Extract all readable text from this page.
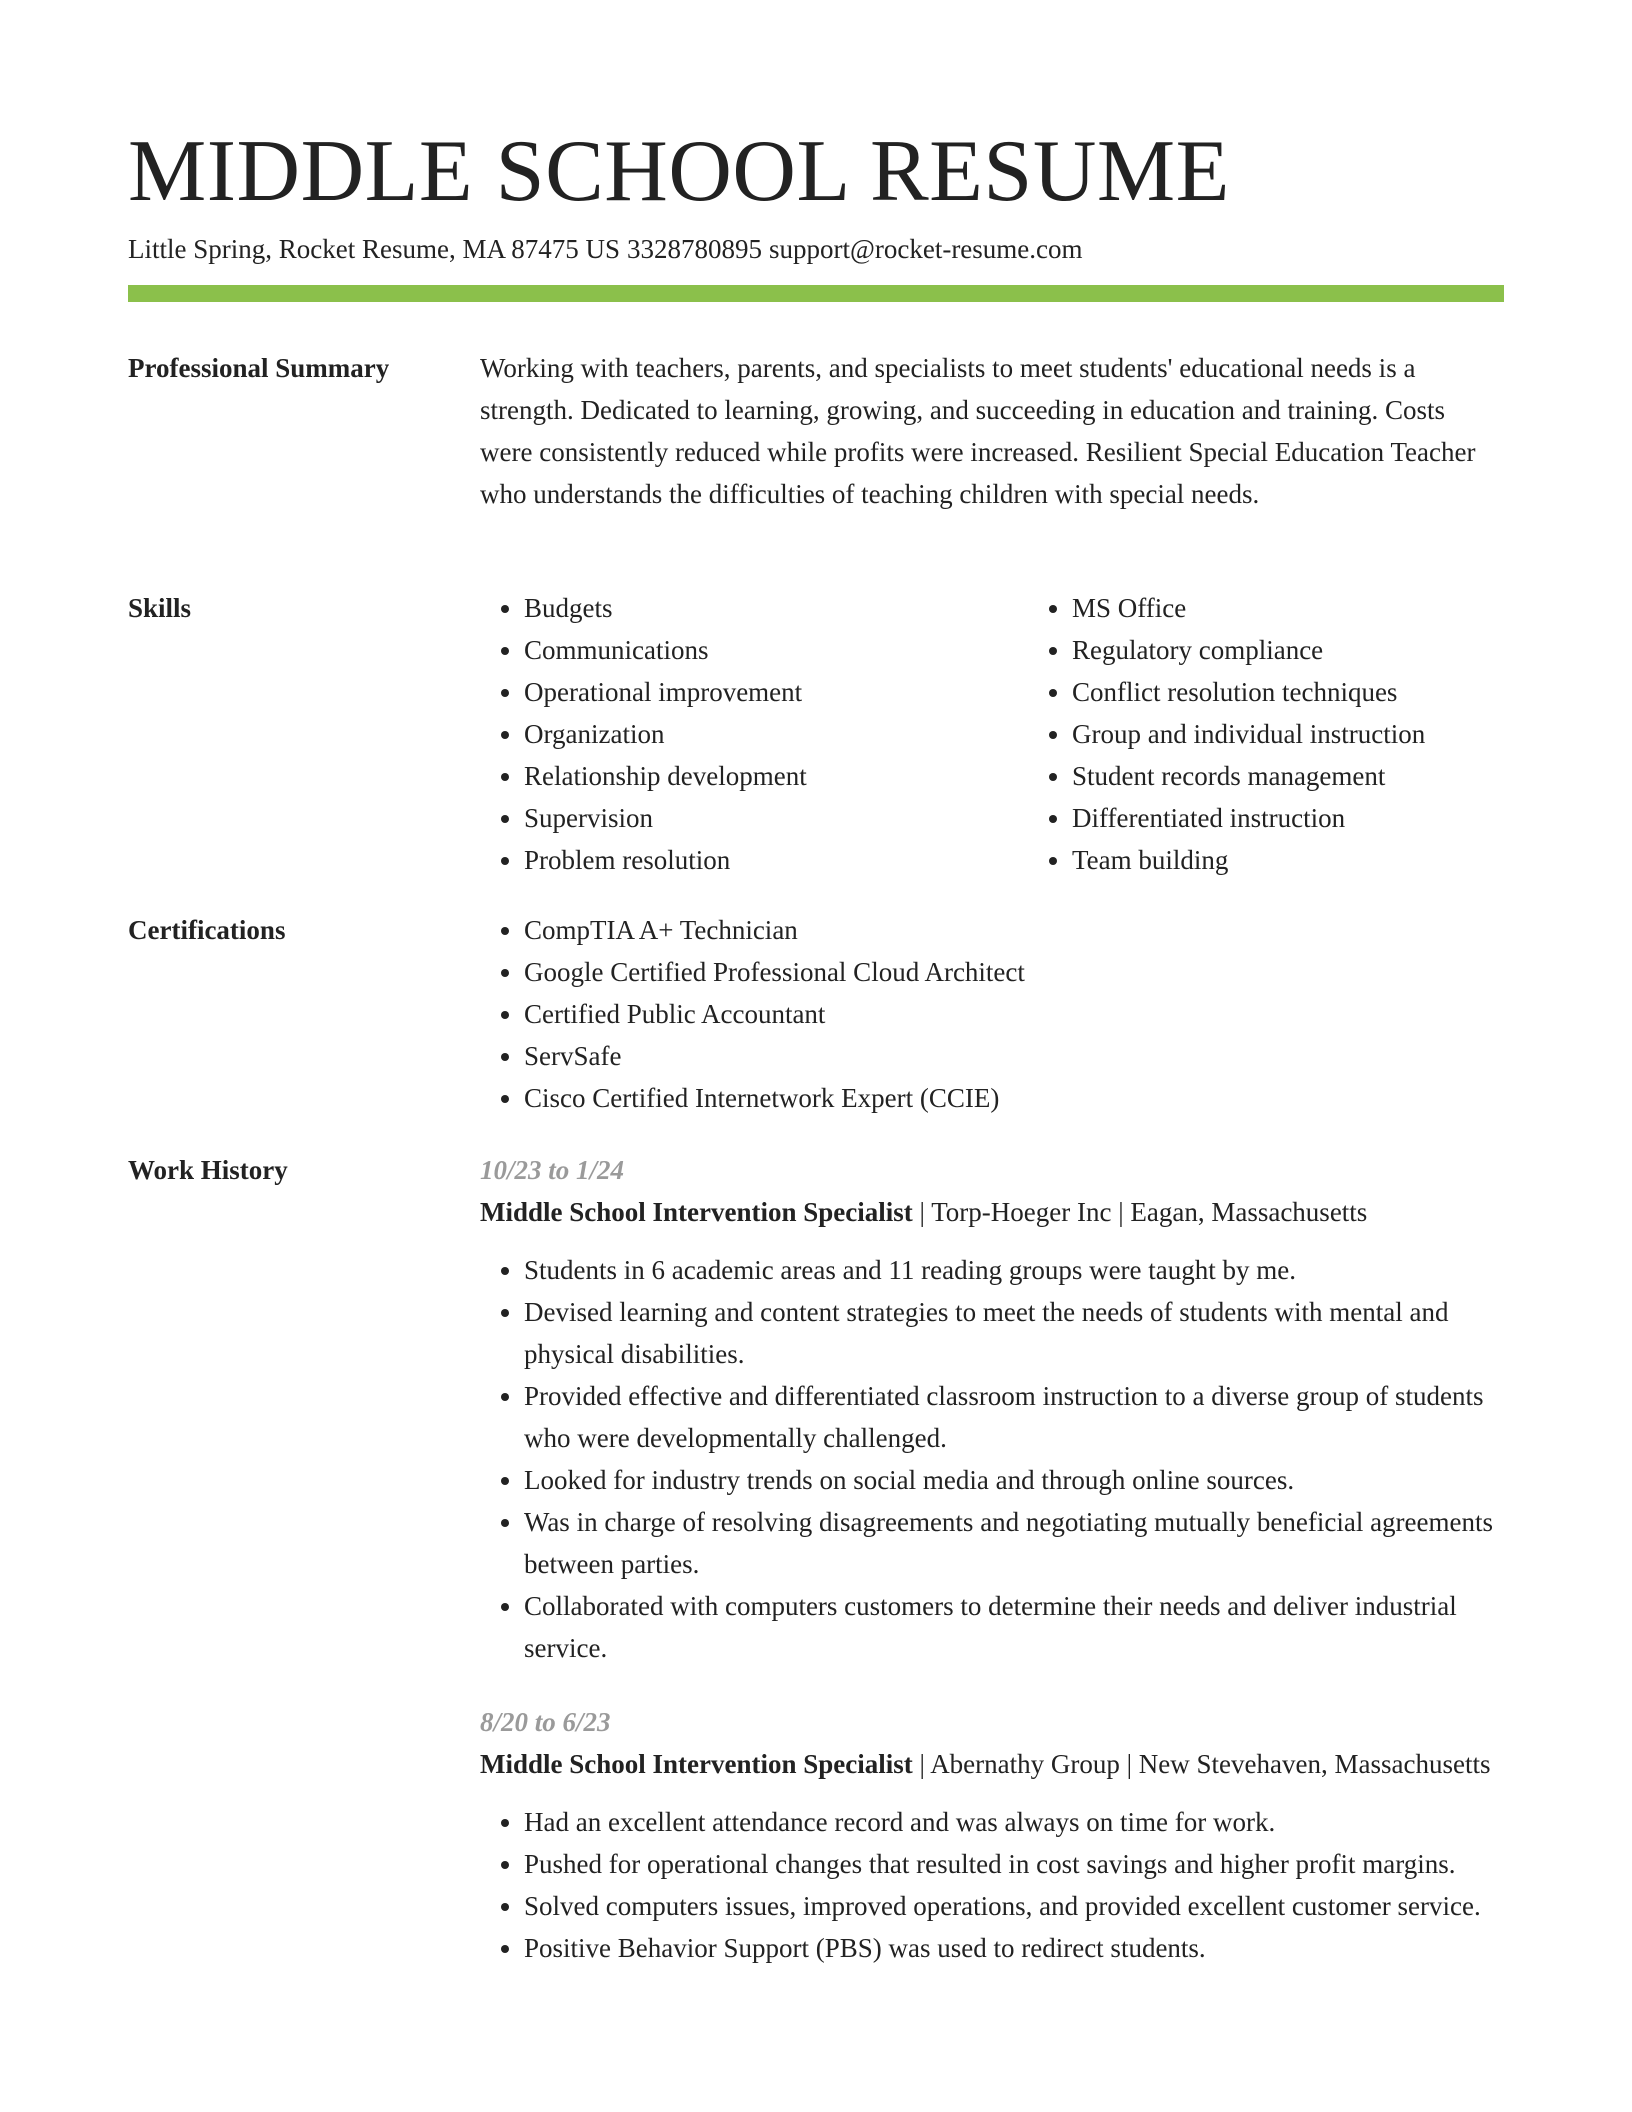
MIDDLE SCHOOL RESUME
Little Spring, Rocket Resume, MA 87475 US 3328780895 support@rocket-resume.com
Professional Summary	Working with teachers, parents, and specialists to meet students' educational needs is a strength. Dedicated to learning, growing, and succeeding in education and training. Costs were consistently reduced while profits were increased. Resilient Special Education Teacher who understands the difficulties of teaching children with special needs.

Skills	• Budgets
• Communications
• Operational improvement
• Organization
• Relationship development
• Supervision
• Problem resolution
• MS Office
• Regulatory compliance
• Conflict resolution techniques
• Group and individual instruction
• Student records management
• Differentiated instruction
• Team building
Certifications	• CompTIA A+ Technician
• Google Certified Professional Cloud Architect
• Certified Public Accountant
• ServSafe
• Cisco Certified Internetwork Expert (CCIE)
Work History	10/23 to 1/24
Middle School Intervention Specialist | Torp-Hoeger Inc | Eagan, Massachusetts
• Students in 6 academic areas and 11 reading groups were taught by me.
• Devised learning and content strategies to meet the needs of students with mental and physical disabilities.
• Provided effective and differentiated classroom instruction to a diverse group of students who were developmentally challenged.
• Looked for industry trends on social media and through online sources.
• Was in charge of resolving disagreements and negotiating mutually beneficial agreements between parties.
• Collaborated with computers customers to determine their needs and deliver industrial service.
8/20 to 6/23
Middle School Intervention Specialist | Abernathy Group | New Stevehaven, Massachusetts
• Had an excellent attendance record and was always on time for work.
• Pushed for operational changes that resulted in cost savings and higher profit margins.
• Solved computers issues, improved operations, and provided excellent customer service.
• Positive Behavior Support (PBS) was used to redirect students.
